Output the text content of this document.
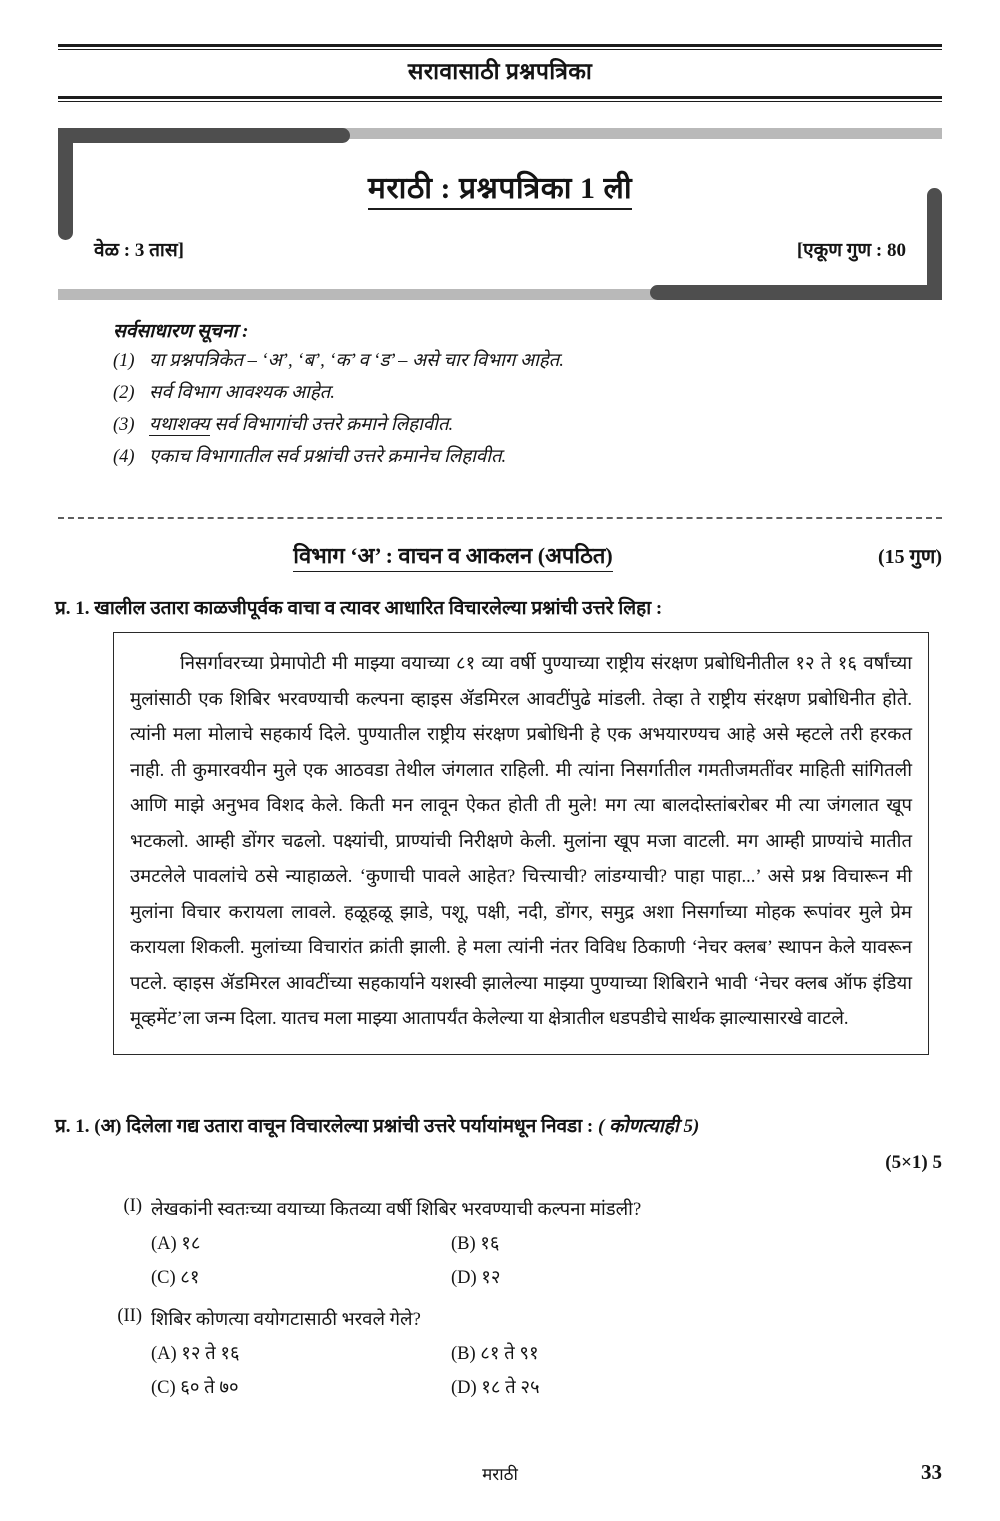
सरावासाठी प्रश्नपत्रिका
मराठी : प्रश्नपत्रिका 1 ली
वेळ : 3 तास]	[एकूण गुण : 80
सर्वसाधारण सूचना :
(1) या प्रश्नपत्रिकेत – ‘अ’, ‘ब’, ‘क’ व ‘ड’ – असे चार विभाग आहेत.
(2) सर्व विभाग आवश्यक आहेत.
(3) यथाशक्य सर्व विभागांची उत्तरे क्रमाने लिहावीत.
(4) एकाच विभागातील सर्व प्रश्नांची उत्तरे क्रमानेच लिहावीत.
विभाग ‘अ’ : वाचन व आकलन (अपठित)	(15 गुण)
प्र. 1. खालील उतारा काळजीपूर्वक वाचा व त्यावर आधारित विचारलेल्या प्रश्नांची उत्तरे लिहा :

निसर्गावरच्या प्रेमापोटी मी माझ्या वयाच्या ८१ व्या वर्षी पुण्याच्या राष्ट्रीय संरक्षण प्रबोधिनीतील १२ ते १६ वर्षांच्या मुलांसाठी एक शिबिर भरवण्याची कल्पना व्हाइस ॲडमिरल आवटींपुढे मांडली. तेव्हा ते राष्ट्रीय संरक्षण प्रबोधिनीत होते. त्यांनी मला मोलाचे सहकार्य दिले. पुण्यातील राष्ट्रीय संरक्षण प्रबोधिनी हे एक अभयारण्यच आहे असे म्हटले तरी हरकत नाही. ती कुमारवयीन मुले एक आठवडा तेथील जंगलात राहिली. मी त्यांना निसर्गातील गमतीजमतींवर माहिती सांगितली आणि माझे अनुभव विशद केले. किती मन लावून ऐकत होती ती मुले! मग त्या बालदोस्तांबरोबर मी त्या जंगलात खूप भटकलो. आम्ही डोंगर चढलो. पक्ष्यांची, प्राण्यांची निरीक्षणे केली. मुलांना खूप मजा वाटली. मग आम्ही प्राण्यांचे मातीत उमटलेले पावलांचे ठसे न्याहाळले. ‘कुणाची पावले आहेत? चित्त्याची? लांडग्याची? पाहा पाहा...’ असे प्रश्न विचारून मी मुलांना विचार करायला लावले. हळूहळू झाडे, पशू, पक्षी, नदी, डोंगर, समुद्र अशा निसर्गाच्या मोहक रूपांवर मुले प्रेम करायला शिकली. मुलांच्या विचारांत क्रांती झाली. हे मला त्यांनी नंतर विविध ठिकाणी ‘नेचर क्लब’ स्थापन केले यावरून पटले. व्हाइस ॲडमिरल आवटींच्या सहकार्याने यशस्वी झालेल्या माझ्या पुण्याच्या शिबिराने भावी ‘नेचर क्लब ऑफ इंडिया मूव्हमेंट’ला जन्म दिला. यातच मला माझ्या आतापर्यंत केलेल्या या क्षेत्रातील धडपडीचे सार्थक झाल्यासारखे वाटले.

प्र. 1. (अ) दिलेला गद्य उतारा वाचून विचारलेल्या प्रश्नांची उत्तरे पर्यायांमधून निवडा : ( कोणत्याही 5)
(5×1) 5
(I) लेखकांनी स्वतःच्या वयाच्या कितव्या वर्षी शिबिर भरवण्याची कल्पना मांडली?
(A) १८	(B) १६
(C) ८१	(D) १२
(II) शिबिर कोणत्या वयोगटासाठी भरवले गेले?
(A) १२ ते १६	(B) ८१ ते ९१
(C) ६० ते ७०	(D) १८ ते २५
मराठी	33
